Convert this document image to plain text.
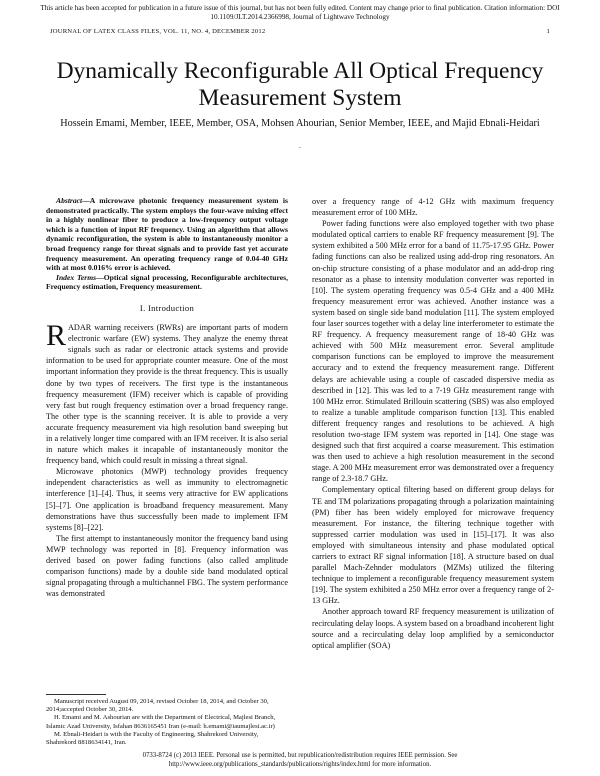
This article has been accepted for publication in a future issue of this journal, but has not been fully edited. Content may change prior to final publication. Citation information: DOI 10.1109/JLT.2014.2366998, Journal of Lightwave Technology
JOURNAL OF LATEX CLASS FILES, VOL. 11, NO. 4, DECEMBER 2012	1
Dynamically Reconfigurable All Optical Frequency Measurement System
Hossein Emami, Member, IEEE, Member, OSA, Mohsen Ahourian, Senior Member, IEEE, and Majid Ebnali-Heidari
.

Abstract—A microwave photonic frequency measurement system is demonstrated practically. The system employs the four-wave mixing effect in a highly nonlinear fiber to produce a low-frequency output voltage which is a function of input RF frequency. Using an algorithm that allows dynamic reconfiguration, the system is able to instantaneously monitor a broad frequency range for threat signals and to provide fast yet accurate frequency measurement. An operating frequency range of 0.04-40 GHz with at most 0.016% error is achieved.

Index Terms—Optical signal processing, Reconfigurable architectures, Frequency estimation, Frequency measurement.

I. Introduction

RADAR warning receivers (RWRs) are important parts of modern electronic warfare (EW) systems. They analyze the enemy threat signals such as radar or electronic attack systems and provide information to be used for appropriate counter measure. One of the most important information they provide is the threat frequency. This is usually done by two types of receivers. The first type is the instantaneous frequency measurement (IFM) receiver which is capable of providing very fast but rough frequency estimation over a broad frequency range. The other type is the scanning receiver. It is able to provide a very accurate frequency measurement via high resolution band sweeping but in a relatively longer time compared with an IFM receiver. It is also serial in nature which makes it incapable of instantaneously monitor the frequency band, which could result in missing a threat signal.

Microwave photonics (MWP) technology provides frequency independent characteristics as well as immunity to electromagnetic interference [1]–[4]. Thus, it seems very attractive for EW applications [5]–[7]. One application is broadband frequency measurement. Many demonstrations have thus successfully been made to implement IFM systems [8]–[22].

The first attempt to instantaneously monitor the frequency band using MWP technology was reported in [8]. Frequency information was derived based on power fading functions (also called amplitude comparison functions) made by a double side band modulated optical signal propagating through a multichannel FBG. The system performance was demonstrated

Manuscript received August 09, 2014, revised October 18, 2014, and October 30, 2014;accepted October 30, 2014.
H. Emami and M. Ashourian are with the Department of Electrical, Majlesi Branch, Islamic Azad University, Isfahan 8636165451 Iran (e-mail: h.emami@iaumajlesi.ac.ir)
M. Ebnali-Heidari is with the Faculty of Engineering, Shahrekord University, Shahrekord 8818634141, Iran.

over a frequency range of 4-12 GHz with maximum frequency measurement error of 100 MHz.

Power fading functions were also employed together with two phase modulated optical carriers to enable RF frequency measurement [9]. The system exhibited a 500 MHz error for a band of 11.75-17.95 GHz. Power fading functions can also be realized using add-drop ring resonators. An on-chip structure consisting of a phase modulator and an add-drop ring resonator as a phase to intensity modulation converter was reported in [10]. The system operating frequency was 0.5-4 GHz and a 400 MHz frequency measurement error was achieved. Another instance was a system based on single side band modulation [11]. The system employed four laser sources together with a delay line interferometer to estimate the RF frequency. A frequency measurement range of 18-40 GHz was achieved with 500 MHz measurement error. Several amplitude comparison functions can be employed to improve the measurement accuracy and to extend the frequency measurement range. Different delays are achievable using a couple of cascaded dispersive media as described in [12]. This was led to a 7-19 GHz measurement range with 100 MHz error. Stimulated Brillouin scattering (SBS) was also employed to realize a tunable amplitude comparison function [13]. This enabled different frequency ranges and resolutions to be achieved. A high resolution two-stage IFM system was reported in [14]. One stage was designed such that first acquired a coarse measurement. This estimation was then used to achieve a high resolution measurement in the second stage. A 200 MHz measurement error was demonstrated over a frequency range of 2.3-18.7 GHz.

Complementary optical filtering based on different group delays for TE and TM polarizations propagating through a polarization maintaining (PM) fiber has been widely employed for microwave frequency measurement. For instance, the filtering technique together with suppressed carrier modulation was used in [15]–[17]. It was also employed with simultaneous intensity and phase modulated optical carriers to extract RF signal information [18]. A structure based on dual parallel Mach-Zehnder modulators (MZMs) utilized the filtering technique to implement a reconfigurable frequency measurement system [19]. The system exhibited a 250 MHz error over a frequency range of 2-13 GHz.

Another approach toward RF frequency measurement is utilization of recirculating delay loops. A system based on a broadband incoherent light source and a recirculating delay loop amplified by a semiconductor optical amplifier (SOA)

0733-8724 (c) 2013 IEEE. Personal use is permitted, but republication/redistribution requires IEEE permission. See
http://www.ieee.org/publications_standards/publications/rights/index.html for more information.
